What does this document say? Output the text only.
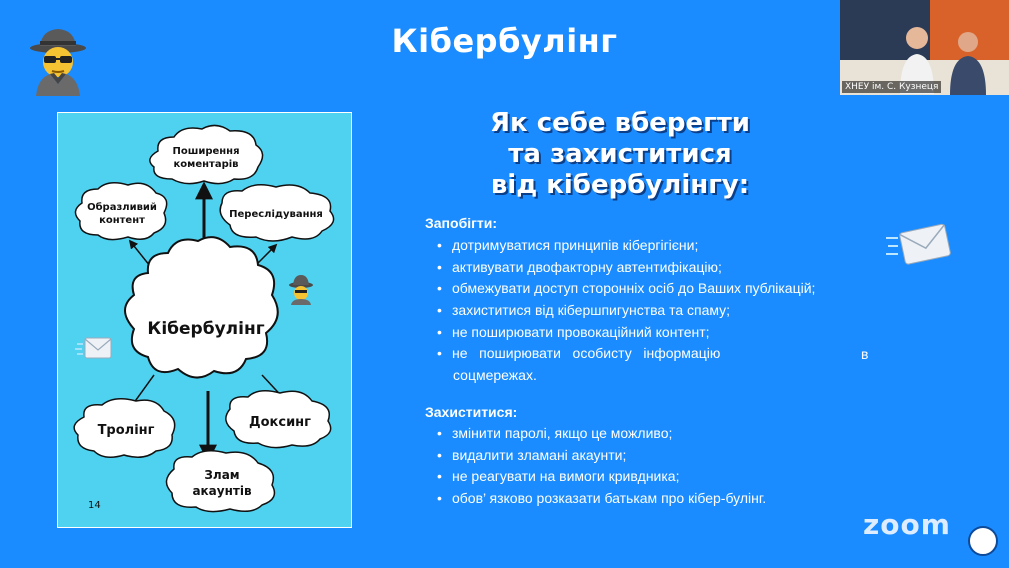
Кібербулінг
ХНЕУ ім. С. Кузнеця
Кібербулінг
Поширення
коментарів
Образливий
контент
Переслідування
Тролінг
Доксинг
Злам
акаунтів
14
Як себе вберегти
та захиститися
від кібербулінгу:
Запобігти:
• дотримуватися принципів кібергігієни;
• активувати двофакторну автентифікацію;
• обмежувати доступ сторонніх осіб до Ваших публікацій;
• захиститися від кібершпигунства та спаму;
• не поширювати провокаційний контент;
• не   поширювати   особисту   інформацію	в
соцмережах.
Захиститися:
• змінити паролі, якщо це можливо;
• видалити зламані акаунти;
• не реагувати на вимоги кривдника;
• обов’ язково розказати батькам про кібер-булінг.
zoom
